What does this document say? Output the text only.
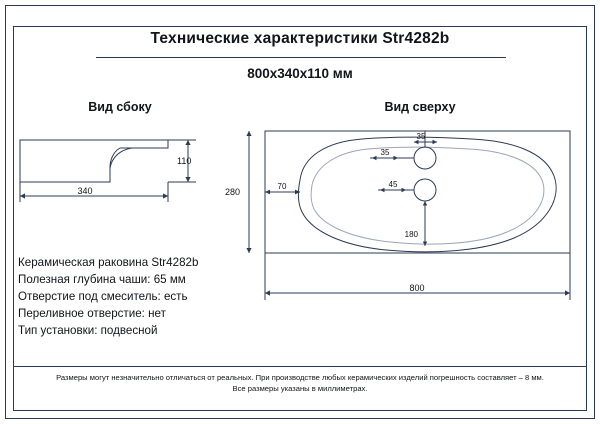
Технические характеристики Str4282b
800х340х110 мм
Вид сбоку	Вид сверху
110
340	280
800
70
35
35
45
180
Керамическая раковина Str4282b
Полезная глубина чаши: 65 мм
Отверстие под смеситель: есть
Переливное отверстие: нет
Тип установки: подвесной
Размеры могут незначительно отличаться от реальных. При производстве любых керамических изделий погрешность составляет – 8 мм.
Все размеры указаны в миллиметрах.
